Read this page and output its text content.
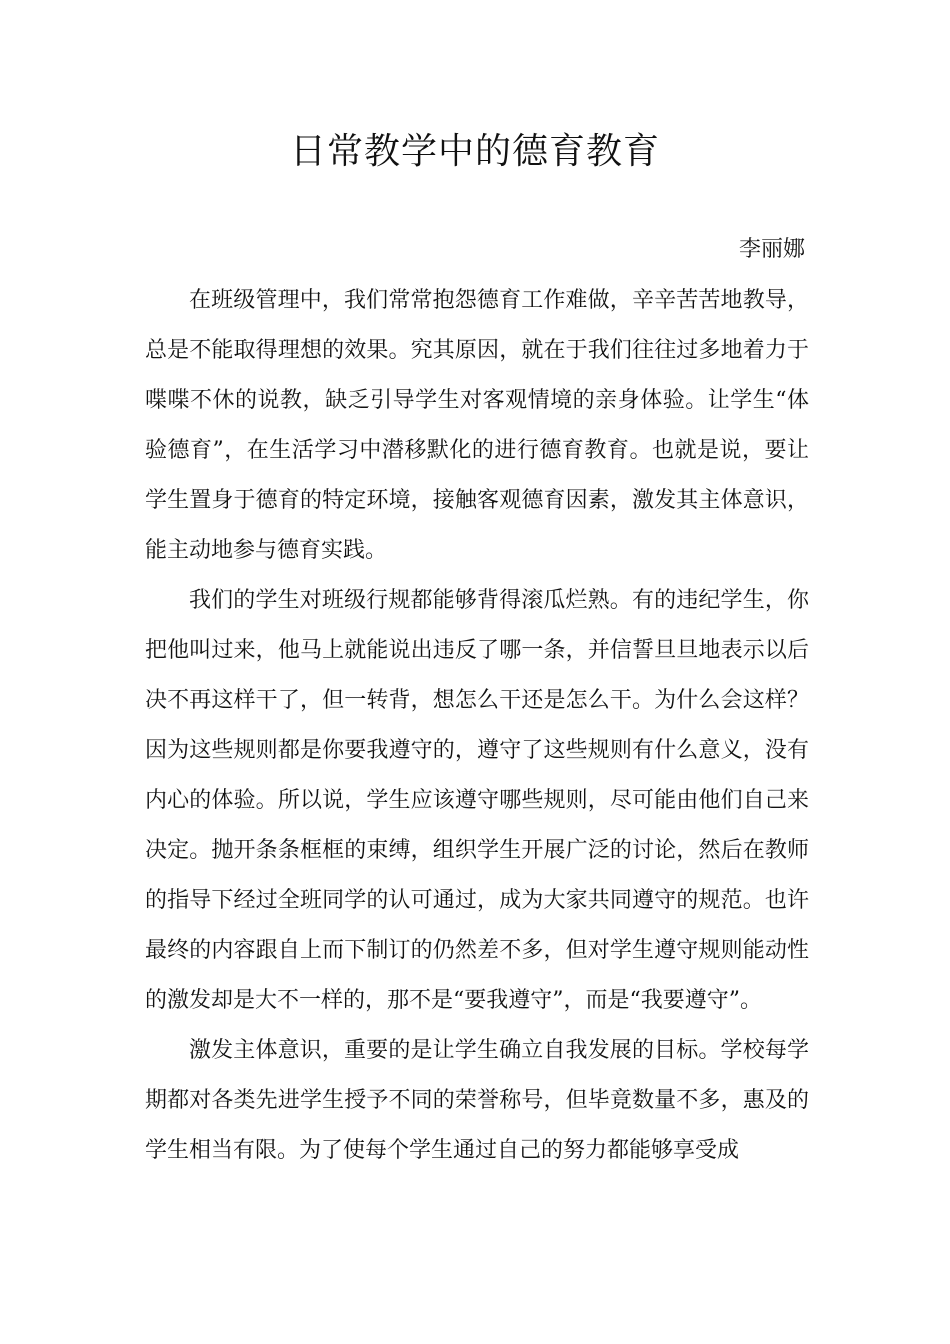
日常教学中的德育教育

李丽娜

在班级管理中，我们常常抱怨德育工作难做，辛辛苦苦地教导，总是不能取得理想的效果。究其原因，就在于我们往往过多地着力于喋喋不休的说教，缺乏引导学生对客观情境的亲身体验。让学生“体验德育”，在生活学习中潜移默化的进行德育教育。也就是说，要让学生置身于德育的特定环境，接触客观德育因素，激发其主体意识，能主动地参与德育实践。

我们的学生对班级行规都能够背得滚瓜烂熟。有的违纪学生，你把他叫过来，他马上就能说出违反了哪一条，并信誓旦旦地表示以后决不再这样干了，但一转背，想怎么干还是怎么干。为什么会这样？因为这些规则都是你要我遵守的，遵守了这些规则有什么意义，没有内心的体验。所以说，学生应该遵守哪些规则，尽可能由他们自己来决定。抛开条条框框的束缚，组织学生开展广泛的讨论，然后在教师的指导下经过全班同学的认可通过，成为大家共同遵守的规范。也许最终的内容跟自上而下制订的仍然差不多，但对学生遵守规则能动性的激发却是大不一样的，那不是“要我遵守”，而是“我要遵守”。

激发主体意识，重要的是让学生确立自我发展的目标。学校每学期都对各类先进学生授予不同的荣誉称号，但毕竟数量不多，惠及的学生相当有限。为了使每个学生通过自己的努力都能够享受成
